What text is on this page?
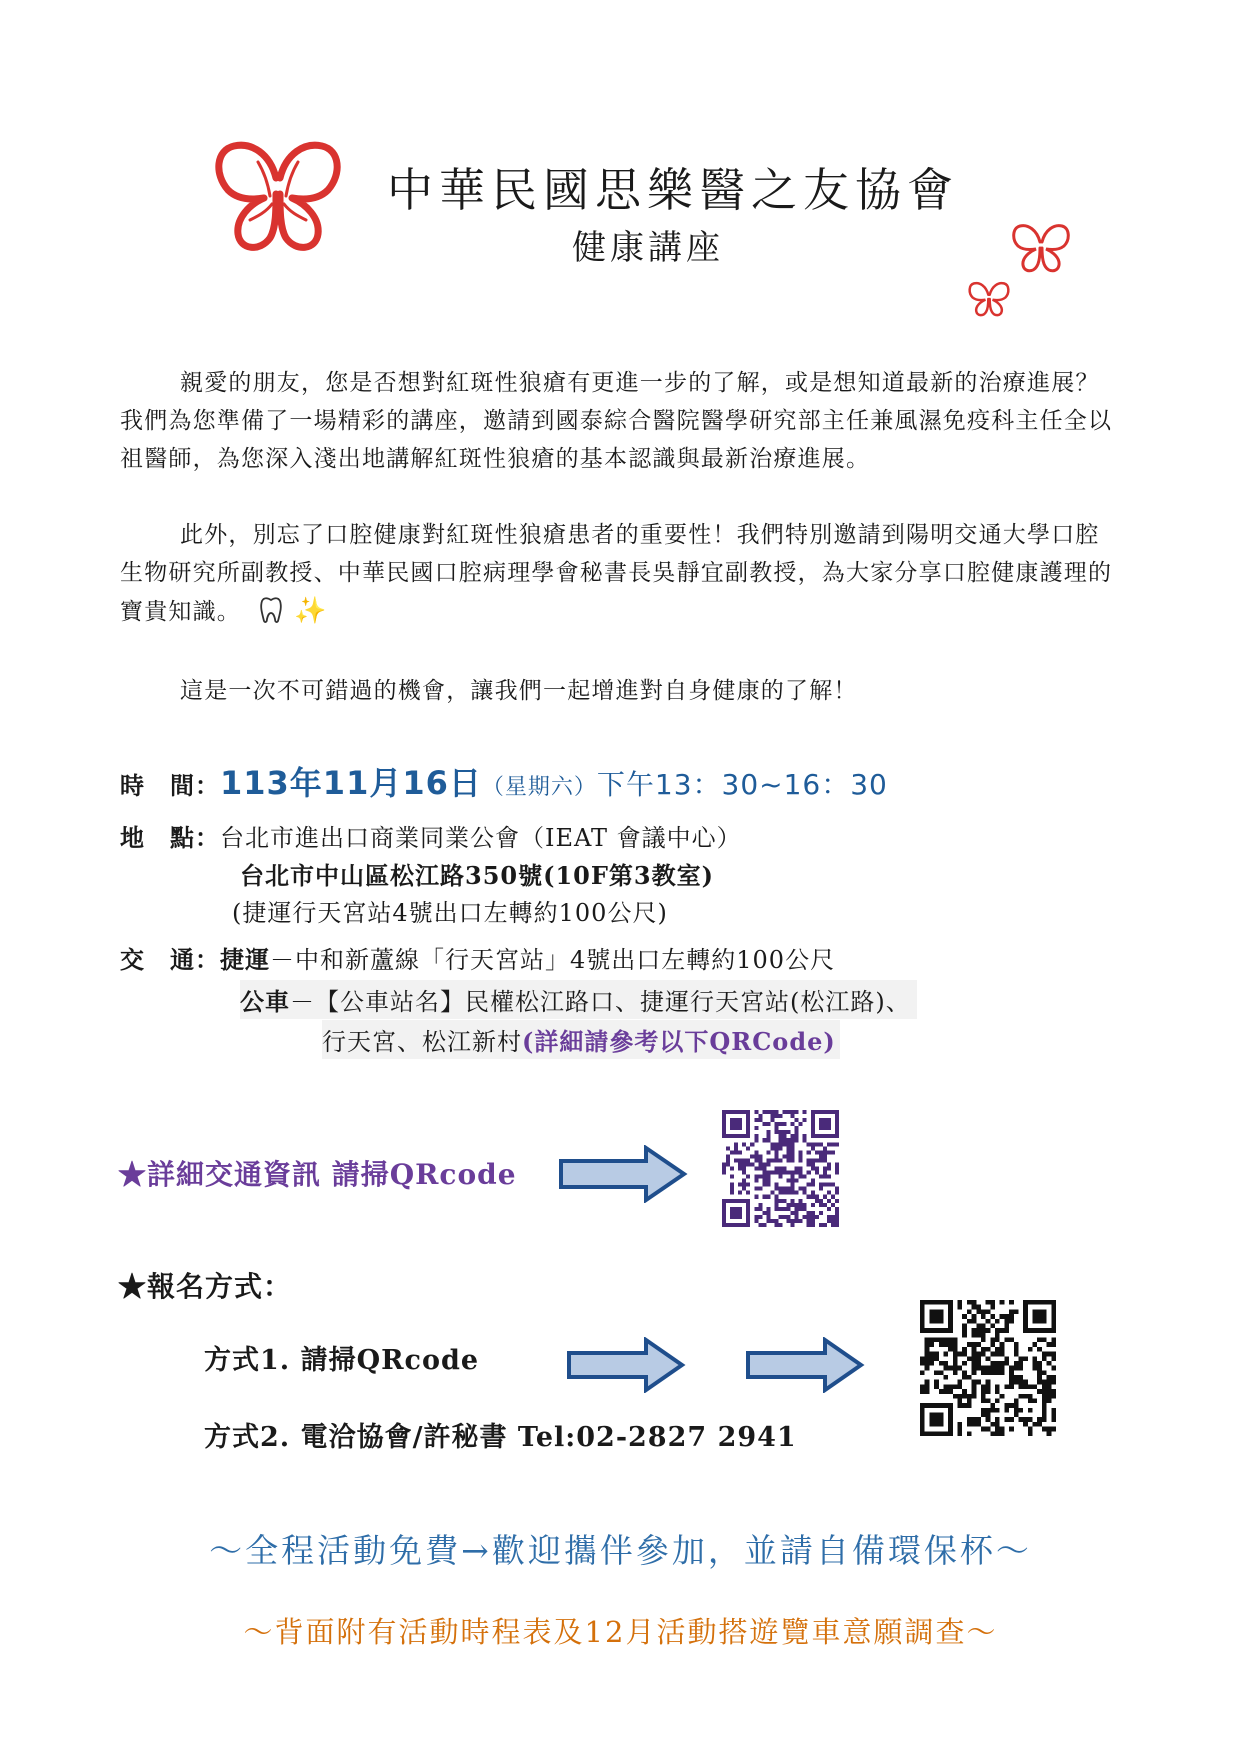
中華民國思樂醫之友協會
健康講座

親愛的朋友，您是否想對紅斑性狼瘡有更進一步的了解，或是想知道最新的治療進展？我們為您準備了一場精彩的講座，邀請到國泰綜合醫院醫學研究部主任兼風濕免疫科主任全以祖醫師，為您深入淺出地講解紅斑性狼瘡的基本認識與最新治療進展。

此外，別忘了口腔健康對紅斑性狼瘡患者的重要性！我們特別邀請到陽明交通大學口腔生物研究所副教授、中華民國口腔病理學會秘書長吳靜宜副教授，為大家分享口腔健康護理的寶貴知識。 ✨

這是一次不可錯過的機會，讓我們一起增進對自身健康的了解！

時　間：113年11月16日（星期六）下午13：30~16：30
地　點：台北市進出口商業同業公會（IEAT 會議中心）
台北市中山區松江路350號(10F第3教室)
(捷運行天宮站4號出口左轉約100公尺)
交　通：捷運－中和新蘆線「行天宮站」4號出口左轉約100公尺
公車－【公車站名】民權松江路口、捷運行天宮站(松江路)、
行天宮、松江新村(詳細請參考以下QRCode)
★詳細交通資訊 請掃QRcode
★報名方式：
方式1. 請掃QRcode
方式2. 電洽協會/許秘書 Tel:02-2827 2941
～全程活動免費→歡迎攜伴參加，並請自備環保杯～
～背面附有活動時程表及12月活動搭遊覽車意願調查～
